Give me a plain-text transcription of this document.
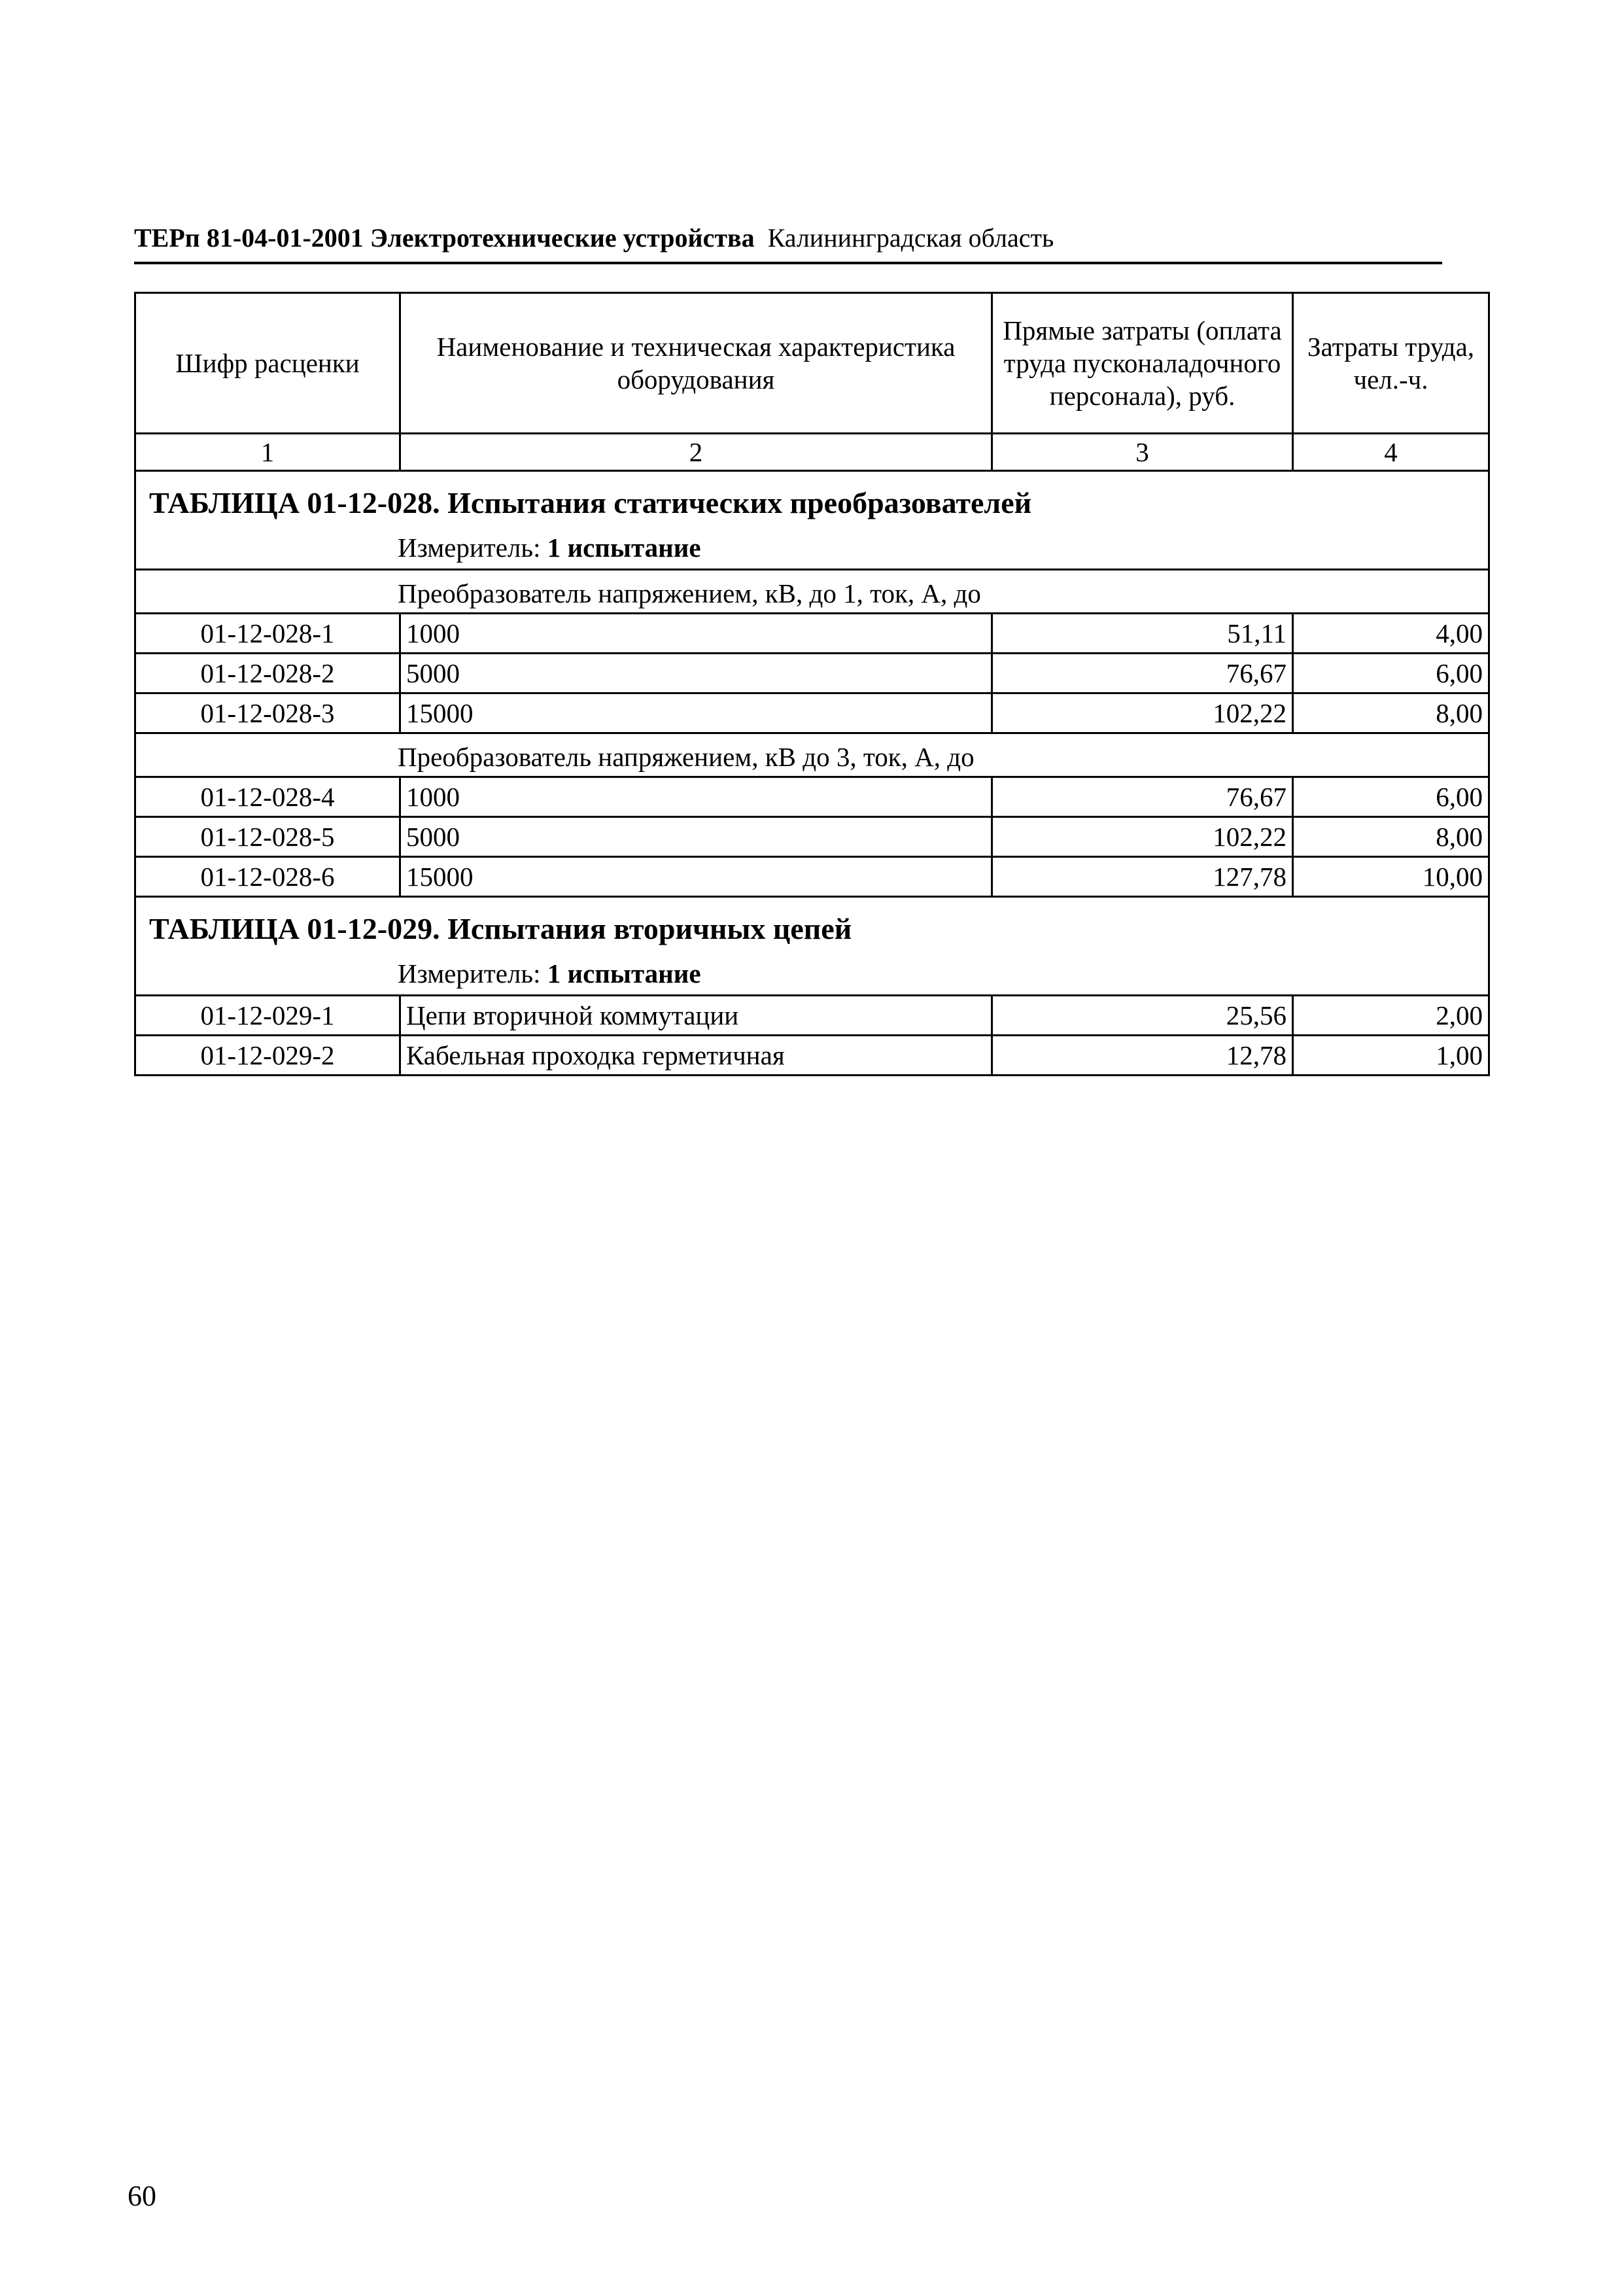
ТЕРп 81-04-01-2001 Электротехнические устройства Калининградская область
Шифр расценки	Наименование и техническая характеристика оборудования	Прямые затраты (оплата труда пусконаладочного персонала), руб.	Затраты труда, чел.-ч.
1	2	3	4

ТАБЛИЦА 01-12-028. Испытания статических преобразователей
Измеритель: 1 испытание			

Преобразователь напряжением, кВ, до 1, ток, А, до			

01-12-028-1	1000	51,11	4,00
01-12-028-2	5000	76,67	6,00
01-12-028-3	15000	102,22	8,00

Преобразователь напряжением, кВ до 3, ток, А, до			

01-12-028-4	1000	76,67	6,00
01-12-028-5	5000	102,22	8,00
01-12-028-6	15000	127,78	10,00

ТАБЛИЦА 01-12-029. Испытания вторичных цепей
Измеритель: 1 испытание			

01-12-029-1	Цепи вторичной коммутации	25,56	2,00
01-12-029-2	Кабельная проходка герметичная	12,78	1,00
60
